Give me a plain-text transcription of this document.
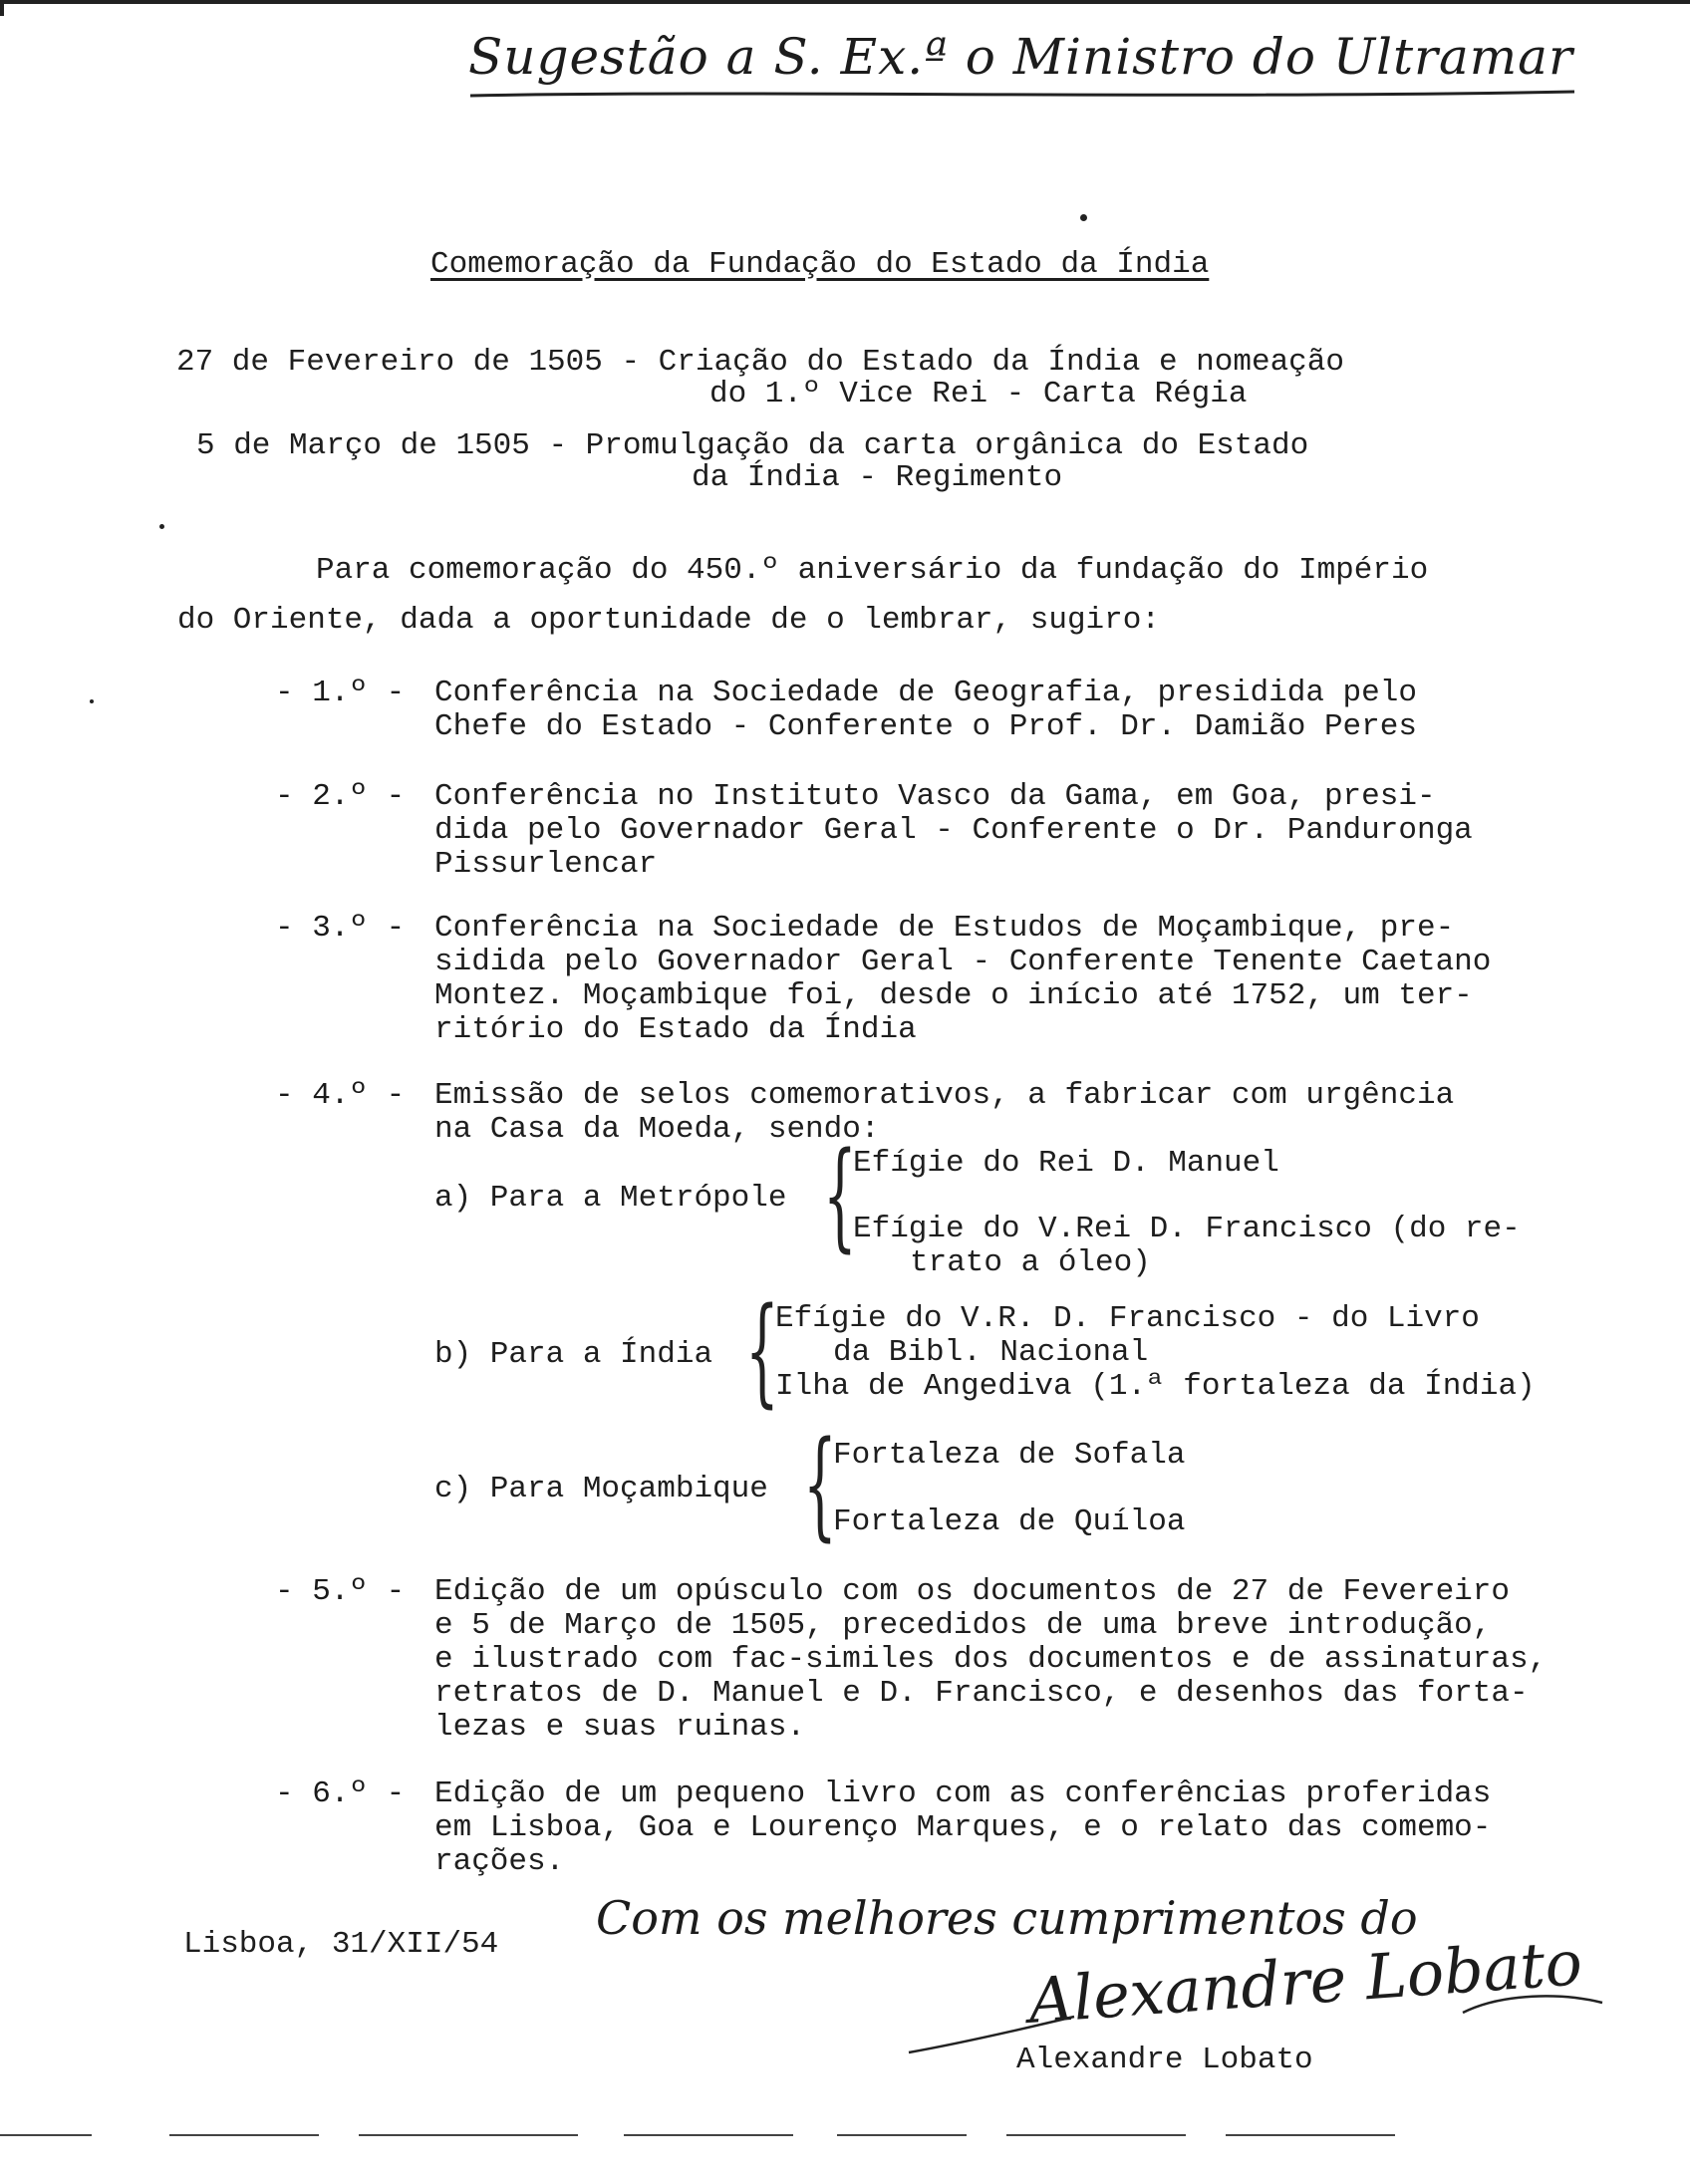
Sugestão a S. Ex.ª o Ministro do Ultramar
Comemoração da Fundação do Estado da Índia
27 de Fevereiro de 1505 - Criação do Estado da Índia e nomeação
do 1.º Vice Rei - Carta Régia
5 de Março de 1505 - Promulgação da carta orgânica do Estado
da Índia - Regimento
Para comemoração do 450.º aniversário da fundação do Império
do Oriente, dada a oportunidade de o lembrar, sugiro:
- 1.º - Conferência na Sociedade de Geografia, presidida pelo
Chefe do Estado - Conferente o Prof. Dr. Damião Peres
- 2.º - Conferência no Instituto Vasco da Gama, em Goa, presi-
dida pelo Governador Geral - Conferente o Dr. Panduronga
Pissurlencar
- 3.º - Conferência na Sociedade de Estudos de Moçambique, pre-
sidida pelo Governador Geral - Conferente Tenente Caetano
Montez. Moçambique foi, desde o início até 1752, um ter-
ritório do Estado da Índia
- 4.º - Emissão de selos comemorativos, a fabricar com urgência
na Casa da Moeda, sendo:
a) Para a Metrópole {
Efígie do Rei D. Manuel
Efígie do V.Rei D. Francisco (do re-
trato a óleo)
b) Para a Índia {
Efígie do V.R. D. Francisco - do Livro
da Bibl. Nacional
Ilha de Angediva (1.ª fortaleza da Índia)
c) Para Moçambique {
Fortaleza de Sofala
Fortaleza de Quíloa
- 5.º - Edição de um opúsculo com os documentos de 27 de Fevereiro
e 5 de Março de 1505, precedidos de uma breve introdução,
e ilustrado com fac-similes dos documentos e de assinaturas,
retratos de D. Manuel e D. Francisco, e desenhos das forta-
lezas e suas ruinas.
- 6.º - Edição de um pequeno livro com as conferências proferidas
em Lisboa, Goa e Lourenço Marques, e o relato das comemo-
rações.
Lisboa, 31/XII/54 Com os melhores cumprimentos do
Alexandre Lobato
Alexandre Lobato
